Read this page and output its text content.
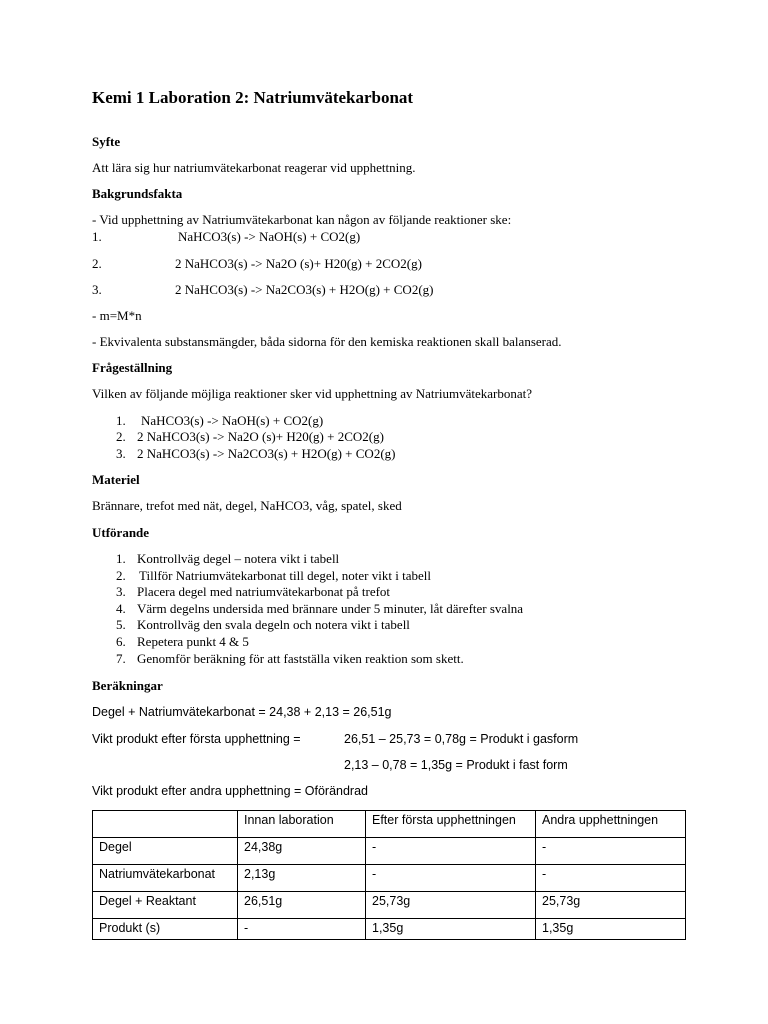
Kemi 1 Laboration 2: Natriumvätekarbonat
Syfte
Att lära sig hur natriumvätekarbonat reagerar vid upphettning.
Bakgrundsfakta
- Vid upphettning av Natriumvätekarbonat kan någon av följande reaktioner ske:
1.	NaHCO3(s) -> NaOH(s) + CO2(g)
2.	2 NaHCO3(s) -> Na2O (s)+ H20(g) + 2CO2(g)
3.	2 NaHCO3(s) -> Na2CO3(s) + H2O(g) + CO2(g)
- m=M*n
- Ekvivalenta substansmängder, båda sidorna för den kemiska reaktionen skall balanserad.
Frågeställning
Vilken av följande möjliga reaktioner sker vid upphettning av Natriumvätekarbonat?
1. NaHCO3(s) -> NaOH(s) + CO2(g)
2. 2 NaHCO3(s) -> Na2O (s)+ H20(g) + 2CO2(g)
3. 2 NaHCO3(s) -> Na2CO3(s) + H2O(g) + CO2(g)
Materiel
Brännare, trefot med nät, degel, NaHCO3, våg, spatel, sked
Utförande
1. Kontrollväg degel – notera vikt i tabell
2. Tillför Natriumvätekarbonat till degel, noter vikt i tabell
3. Placera degel med natriumvätekarbonat på trefot
4. Värm degelns undersida med brännare under 5 minuter, låt därefter svalna
5. Kontrollväg den svala degeln och notera vikt i tabell
6. Repetera punkt 4 & 5
7. Genomför beräkning för att fastställa viken reaktion som skett.
Beräkningar
Degel + Natriumvätekarbonat = 24,38 + 2,13 = 26,51g
Vikt produkt efter första upphettning =	26,51 – 25,73 = 0,78g = Produkt i gasform
2,13 – 0,78 = 1,35g = Produkt i fast form
Vikt produkt efter andra upphettning = Oförändrad
	Innan laboration	Efter första upphettningen	Andra upphettningen
Degel	24,38g	-	-
Natriumvätekarbonat	2,13g	-	-
Degel + Reaktant	26,51g	25,73g	25,73g
Produkt (s)	-	1,35g	1,35g
